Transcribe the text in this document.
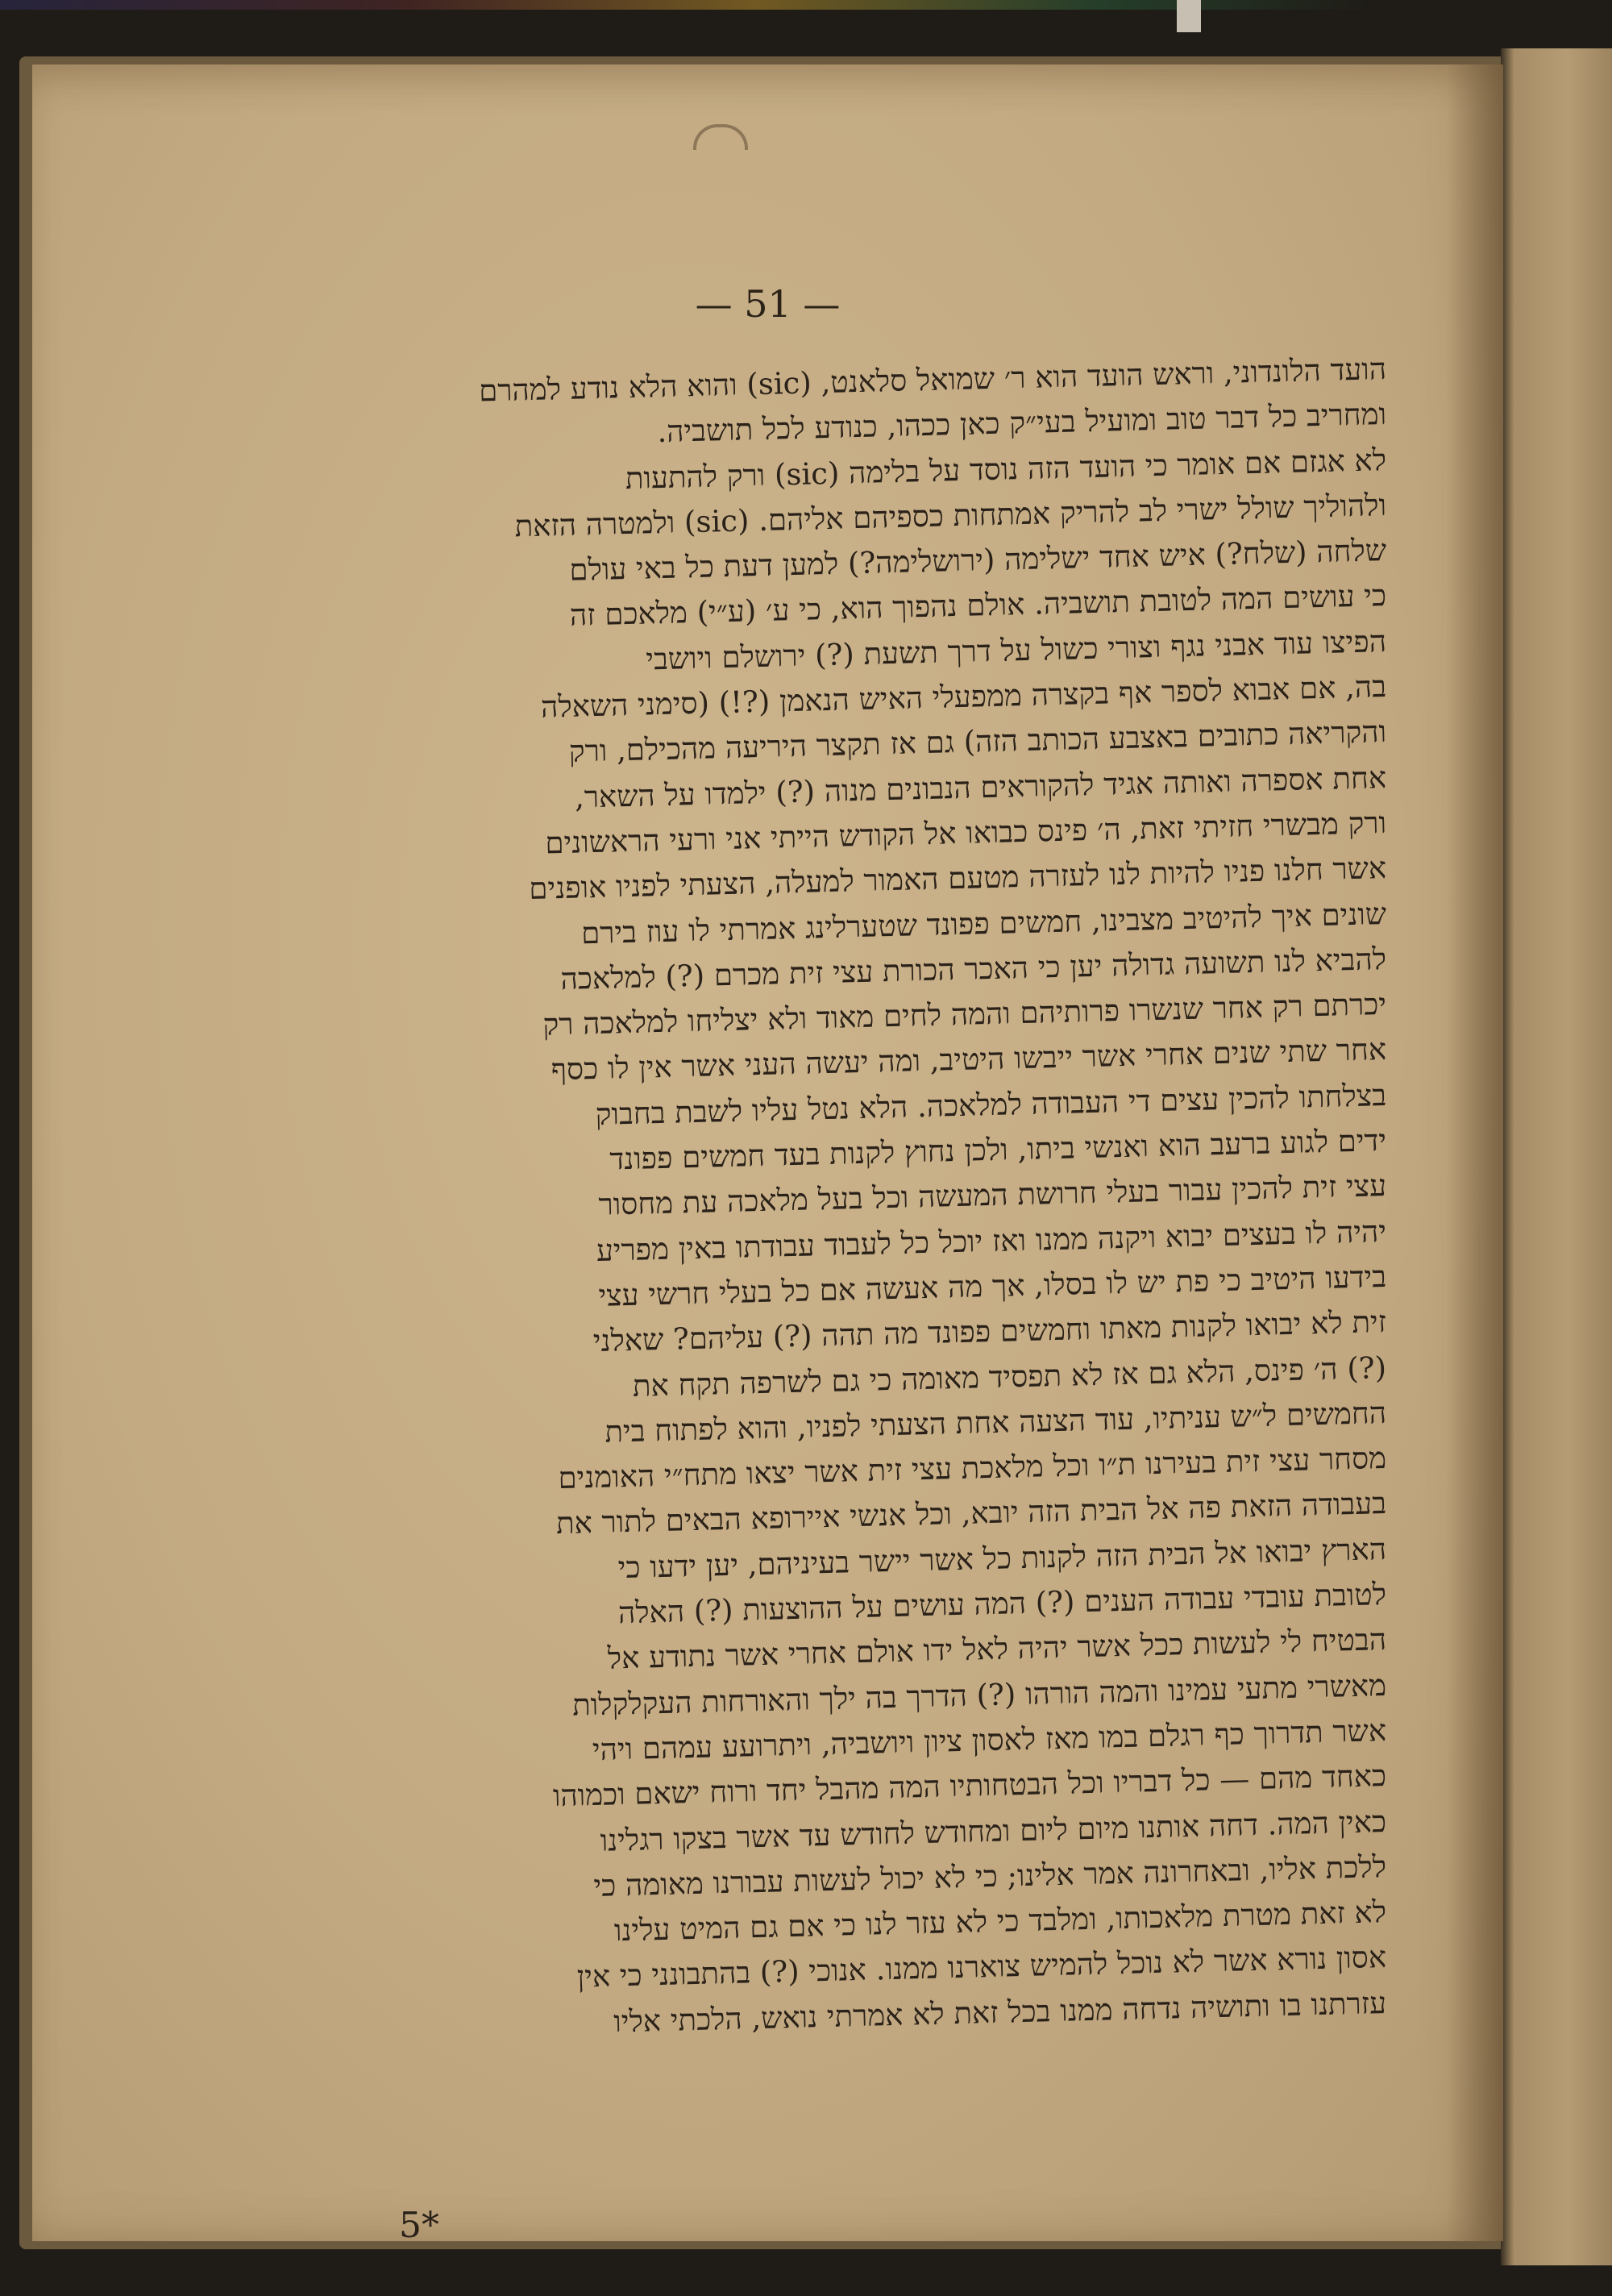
— 51 —
הועד הלונדוני, וראש הועד הוא ר׳ שמואל סלאנט, (sic) והוא הלא נודע למהרם
ומחריב כל דבר טוב ומועיל בעי״ק כאן ככהו, כנודע לכל תושביה.
לא אגזם אם אומר כי הועד הזה נוסד על בלימה (sic) ורק להתעות
ולהוליך שולל ישרי לב להריק אמתחות כספיהם אליהם. (sic) ולמטרה הזאת
שלחה (שלח?) איש אחד ישלימה (ירושלימה?) למען דעת כל באי עולם
כי עושים המה לטובת תושביה. אולם נהפוך הוא, כי ע׳ (ע״י) מלאכם זה
הפיצו עוד אבני נגף וצורי כשול על דרך תשעת (?) ירושלם ויושבי
בה, אם אבוא לספר אף בקצרה ממפעלי האיש הנאמן (?!) (סימני השאלה
והקריאה כתובים באצבע הכותב הזה) גם אז תקצר היריעה מהכילם, ורק
אחת אספרה ואותה אגיד להקוראים הנבונים מנוה (?) ילמדו על השאר,
ורק מבשרי חזיתי זאת, ה׳ פינס כבואו אל הקודש הייתי אני ורעי הראשונים
אשר חלנו פניו להיות לנו לעזרה מטעם האמור למעלה, הצעתי לפניו אופנים
שונים איך להיטיב מצבינו, חמשים פפונד שטערלינג אמרתי לו עוז בירם
להביא לנו תשועה גדולה יען כי האכר הכורת עצי זית מכרם (?) למלאכה
יכרתם רק אחר שנשרו פרותיהם והמה לחים מאוד ולא יצליחו למלאכה רק
אחר שתי שנים אחרי אשר ייבשו היטיב, ומה יעשה העני אשר אין לו כסף
בצלחתו להכין עצים די העבודה למלאכה. הלא נטל עליו לשבת בחבוק
ידים לגוע ברעב הוא ואנשי ביתו, ולכן נחוץ לקנות בעד חמשים פפונד
עצי זית להכין עבור בעלי חרושת המעשה וכל בעל מלאכה עת מחסור
יהיה לו בעצים יבוא ויקנה ממנו ואז יוכל כל לעבוד עבודתו באין מפריע
בידעו היטיב כי פת יש לו בסלו, אך מה אעשה אם כל בעלי חרשי עצי
זית לא יבואו לקנות מאתו וחמשים פפונד מה תהה (?) עליהם? שאלני
(?) ה׳ פינס, הלא גם אז לא תפסיד מאומה כי גם לשרפה תקח את
החמשים ל״ש עניתיו, עוד הצעה אחת הצעתי לפניו, והוא לפתוח בית
מסחר עצי זית בעירנו ת״ו וכל מלאכת עצי זית אשר יצאו מתח״י האומנים
בעבודה הזאת פה אל הבית הזה יובא, וכל אנשי איירופא הבאים לתור את
הארץ יבואו אל הבית הזה לקנות כל אשר יישר בעיניהם, יען ידעו כי
לטובת עובדי עבודה הענים (?) המה עושים על ההוצעות (?) האלה
הבטיח לי לעשות ככל אשר יהיה לאל ידו אולם אחרי אשר נתודע אל
מאשרי מתעי עמינו והמה הורהו (?) הדרך בה ילך והאורחות העקלקלות
אשר תדרוך כף רגלם במו מאז לאסון ציון ויושביה, ויתרועע עמהם ויהי
כאחד מהם — כל דבריו וכל הבטחותיו המה מהבל יחד ורוח ישאם וכמוהו
כאין המה. דחה אותנו מיום ליום ומחודש לחודש עד אשר בצקו רגלינו
ללכת אליו, ובאחרונה אמר אלינו; כי לא יכול לעשות עבורנו מאומה כי
לא זאת מטרת מלאכותו, ומלבד כי לא עזר לנו כי אם גם המיט עלינו
אסון נורא אשר לא נוכל להמיש צוארנו ממנו. אנוכי (?) בהתבונני כי אין
עזרתנו בו ותושיה נדחה ממנו בכל זאת לא אמרתי נואש, הלכתי אליו
5*
